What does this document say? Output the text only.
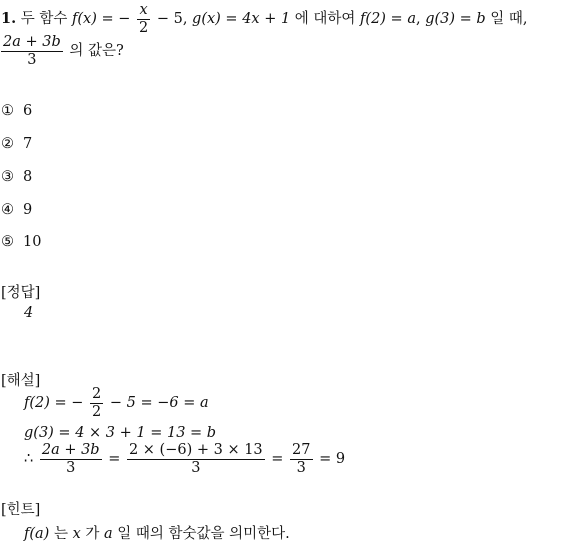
1. 두 함수 f(x) = − $\frac{x}{2} - 5$, g(x) = 4x + 1 에 대하여 f(2) = a, g(3) = b 일 때,
$\frac{2a + 3b}{3}$ 의 값은?
① 6
② 7
③ 8
④ 9
⑤ 10
[정답]
4
[해설]
f(2) = − $\frac{2}{2} - 5 = -6 = a$
g(3) = 4 × 3 + 1 = 13 = b
∴ $\frac{2a + 3b}{3} = \frac{2 \times (-6) + 3 \times 13}{3} = \frac{27}{3} = 9$
[힌트]
f(a) 는 x 가 a 일 때의 함숫값을 의미한다.
